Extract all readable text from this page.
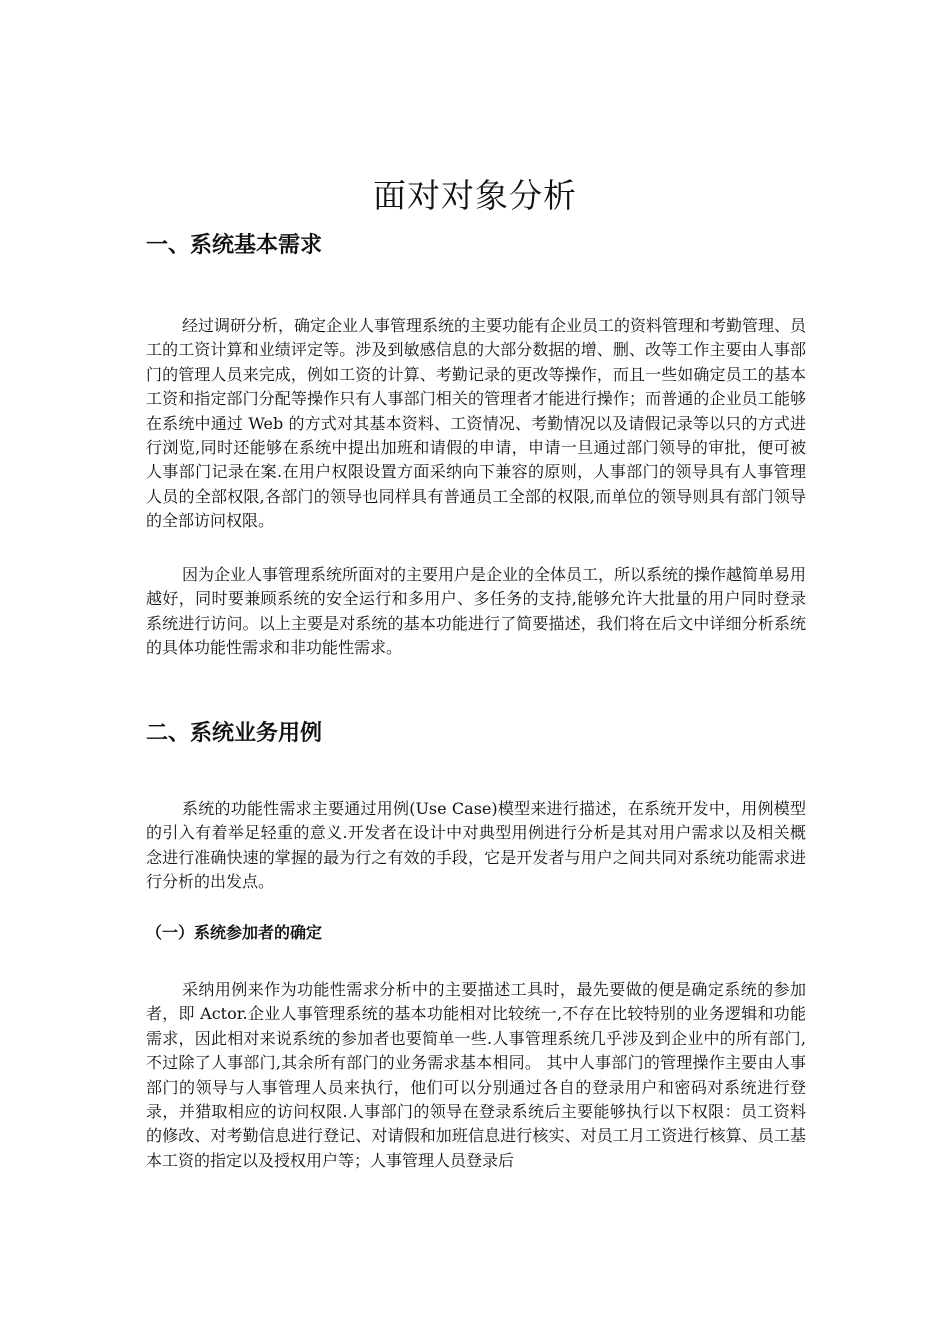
面对对象分析
一、系统基本需求

经过调研分析，确定企业人事管理系统的主要功能有企业员工的资料管理和考勤管理、员工的工资计算和业绩评定等。涉及到敏感信息的大部分数据的增、删、改等工作主要由人事部门的管理人员来完成，例如工资的计算、考勤记录的更改等操作，而且一些如确定员工的基本工资和指定部门分配等操作只有人事部门相关的管理者才能进行操作；而普通的企业员工能够在系统中通过 Web 的方式对其基本资料、工资情况、考勤情况以及请假记录等以只的方式进行浏览,同时还能够在系统中提出加班和请假的申请，申请一旦通过部门领导的审批，便可被人事部门记录在案.在用户权限设置方面采纳向下兼容的原则，人事部门的领导具有人事管理人员的全部权限,各部门的领导也同样具有普通员工全部的权限,而单位的领导则具有部门领导的全部访问权限。

因为企业人事管理系统所面对的主要用户是企业的全体员工，所以系统的操作越简单易用越好，同时要兼顾系统的安全运行和多用户、多任务的支持,能够允许大批量的用户同时登录系统进行访问。以上主要是对系统的基本功能进行了简要描述，我们将在后文中详细分析系统的具体功能性需求和非功能性需求。

二、系统业务用例

系统的功能性需求主要通过用例(Use Case)模型来进行描述，在系统开发中，用例模型的引入有着举足轻重的意义.开发者在设计中对典型用例进行分析是其对用户需求以及相关概念进行准确快速的掌握的最为行之有效的手段，它是开发者与用户之间共同对系统功能需求进行分析的出发点。

（一）系统参加者的确定

采纳用例来作为功能性需求分析中的主要描述工具时，最先要做的便是确定系统的参加者，即 Actor.企业人事管理系统的基本功能相对比较统一,不存在比较特别的业务逻辑和功能需求，因此相对来说系统的参加者也要简单一些.人事管理系统几乎涉及到企业中的所有部门,不过除了人事部门,其余所有部门的业务需求基本相同。 其中人事部门的管理操作主要由人事部门的领导与人事管理人员来执行，他们可以分别通过各自的登录用户和密码对系统进行登录，并猎取相应的访问权限.人事部门的领导在登录系统后主要能够执行以下权限：员工资料的修改、对考勤信息进行登记、对请假和加班信息进行核实、对员工月工资进行核算、员工基本工资的指定以及授权用户等；人事管理人员登录后
